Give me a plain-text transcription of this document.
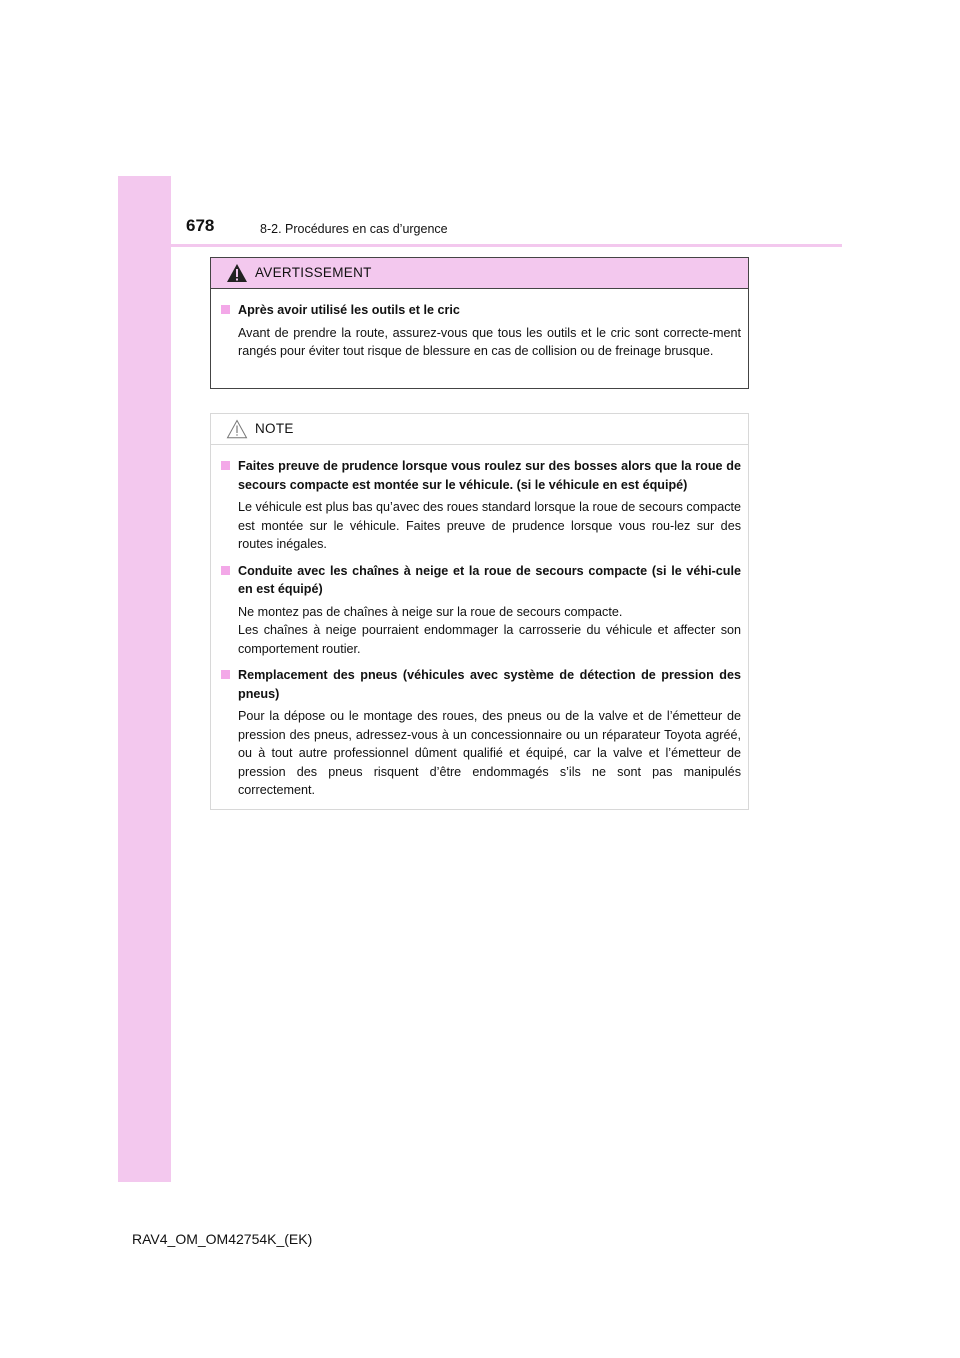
678	8-2. Procédures en cas d’urgence
AVERTISSEMENT
Après avoir utilisé les outils et le cric

Avant de prendre la route, assurez-vous que tous les outils et le cric sont correcte-ment rangés pour éviter tout risque de blessure en cas de collision ou de freinage brusque.

NOTE
Faites preuve de prudence lorsque vous roulez sur des bosses alors que la roue de secours compacte est montée sur le véhicule. (si le véhicule en est équipé)

Le véhicule est plus bas qu’avec des roues standard lorsque la roue de secours compacte est montée sur le véhicule. Faites preuve de prudence lorsque vous rou-lez sur des routes inégales.

Conduite avec les chaînes à neige et la roue de secours compacte (si le véhi-cule en est équipé)

Ne montez pas de chaînes à neige sur la roue de secours compacte.

Les chaînes à neige pourraient endommager la carrosserie du véhicule et affecter son comportement routier.

Remplacement des pneus (véhicules avec système de détection de pression des pneus)

Pour la dépose ou le montage des roues, des pneus ou de la valve et de l’émetteur de pression des pneus, adressez-vous à un concessionnaire ou un réparateur Toyota agréé, ou à tout autre professionnel dûment qualifié et équipé, car la valve et l’émetteur de pression des pneus risquent d’être endommagés s’ils ne sont pas manipulés correctement.

RAV4_OM_OM42754K_(EK)
